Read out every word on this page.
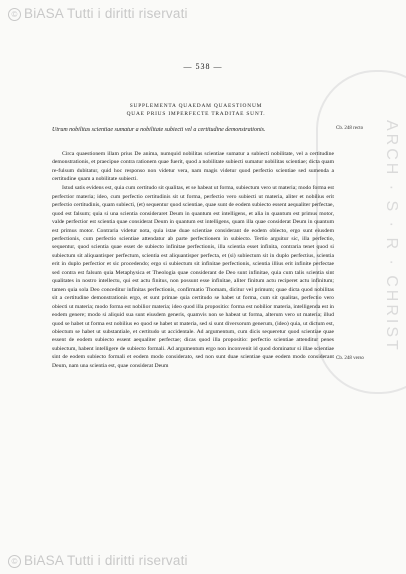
ARCH · S · R · CHRIST
© BiASA Tutti i diritti riservati
— 538 —
SUPPLEMENTA QUAEDAM QUAESTIONUM
QUAE PRIUS IMPERFECTE TRADITAE SUNT.
Utrum nobilitas scientiae sumatur a nobilitate subiecti vel a certitudine demonstrationis.	Cb. 248 recto
Cb. 248 verso

Circa quaestionem illam prius De anima, numquid nobilitas scientiae sumatur a subiecti nobilitate, vel a certitudine demonstrationis, et praecipue contra rationem quae fuerit, quod a nobilitate subiecti sumatur nobilitas scientiae; dicta quam re-fulsum dubitatur, quid hoc responso non videtur vera, nam magis videtur quod perfectio scientiae sed sumenda a certitudine quam a nobilitate subiecti.

Istud satis evidens est, quia cum certitudo sit qualitas, et se habeat ut forma, subiectum vero ut materia; modo forma est perfectior materia; ideo, cum perfectio certitudinis sit ut forma, perfectio vero subiecti ut materia, aliter et nobilius erit perfectio certitudinis, quam subiecti, (et) sequentur quod scientiae, quae sunt de eodem subiecto essent aequaliter perfectae, quod est falsum; quia si una scientia consideraret Deum in quantum est intelligens, et alia in quantum est primus motor, valde perfectior est scientia quae considerat Deum in quantum est intelligens, quam illa quae considerat Deum in quantum est primus motor. Contraria videtur nota, quia istae duae scientiae considerant de eodem obiecto, ergo sunt eiusdem perfectionis, cum perfectio scientiae attendatur ab parte perfectionem in subiecto. Tertio arguitur sic, illa perfectio, sequentur, quod scientia quae esset de subiecto infinitae perfectionis, illa scientia esset infinita, contraria tenet quod si subiectum sit aliquantisper perfectum, scientia est aliquantisper perfecta, et (si) subiectum sit in duplo perfectius, scientia erit in duplo perfectior et sic procedendo; ergo si subiectum sit infinitae perfectionis, scientia illius erit infinite perfectae sed contra est falsum quia Metaphysica et Theologia quae considerant de Deo sunt infinitae, quia cum talis scientia sint qualitates in nostro intellectu, qui est actu finitus, non possunt esse infinitae, aliter finitum actu reciperet actu infinitum; tamen quia sola Deo conceditur infinitas perfectionis, confirmatio Thomam, dicitur vel primum; quae dicta quod nobilitas sit a certitudine demonstrationis ergo, et sunt primae quia certitudo se habet ut forma, cum sit qualitas, perfectio vero obiecti ut materia; modo forma est nobilior materia; ideo quod illa propositio: forma est nobilior materia, intelligenda est in eodem genere; modo si aliquid sua sunt eiusdem generis, quamvis non se habeat ut forma, alterum vero ut materia; illud quod se habet ut forma est nobilius eo quod se habet ut materia, sed si sunt diversorum generum, (ideo) quia, ut dictum est, obiectum se habet ut substantiale, et certitudo ut accidentale. Ad argumentum, cum dicis sequeretur quod scientiae quae essent de eodem subiecto essent aequaliter perfectae; dicas quod illa propositio: perfectio scientiae attenditur penes subiectum, habent intelligere de subiecto formali. Ad argumentum ergo non inconvenit id quod dominatur si illae scientiae sint de eodem subiecto formali et eodem modo considerato, sed non sunt duae scientiae quae eodem modo considerant Deum, nam una scientia est, quae considerat Deum

© BiASA Tutti i diritti riservati
